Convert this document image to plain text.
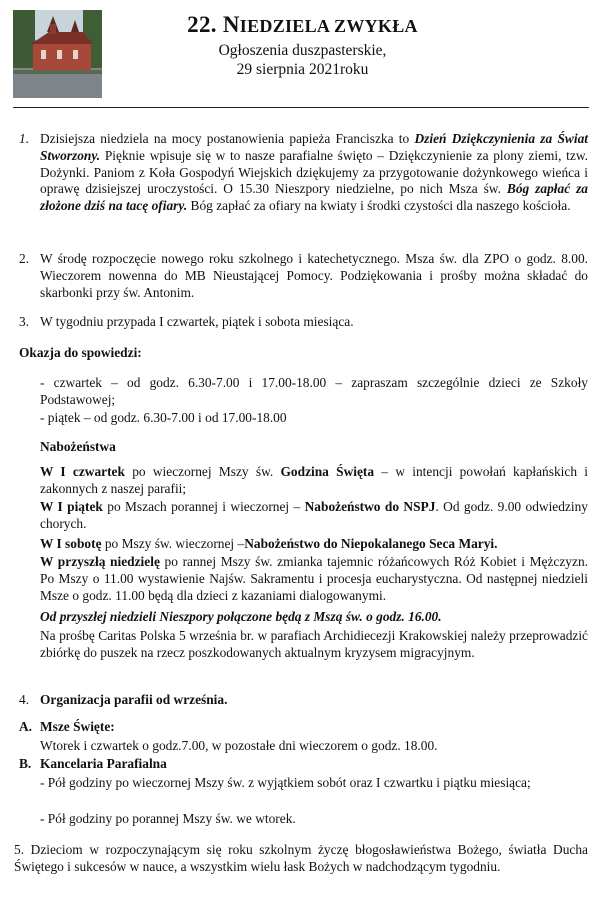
22. NIEDZIELA ZWYKŁA
Ogłoszenia duszpasterskie,
29 sierpnia 2021roku
1. Dzisiejsza niedziela na mocy postanowienia papieża Franciszka to Dzień Dziękczynienia za Świat Stworzony. Pięknie wpisuje się w to nasze parafialne święto – Dziękczynienie za plony ziemi, tzw. Dożynki. Paniom z Koła Gospodyń Wiejskich dziękujemy za przygotowanie dożynkowego wieńca i oprawę dzisiejszej uroczystości. O 15.30 Nieszpory niedzielne, po nich Msza św. Bóg zapłać za złożone dziś na tacę ofiary. Bóg zapłać za ofiary na kwiaty i środki czystości dla naszego kościoła.
2. W środę rozpoczęcie nowego roku szkolnego i katechetycznego. Msza św. dla ZPO o godz. 8.00. Wieczorem nowenna do MB Nieustającej Pomocy. Podziękowania i prośby można składać do skarbonki przy św. Antonim.
3. W tygodniu przypada I czwartek, piątek i sobota miesiąca.
Okazja do spowiedzi:
- czwartek – od godz. 6.30-7.00 i 17.00-18.00 – zapraszam szczególnie dzieci ze Szkoły Podstawowej;
- piątek – od godz. 6.30-7.00 i od 17.00-18.00
Nabożeństwa
W I czwartek po wieczornej Mszy św. Godzina Święta – w intencji powołań kapłańskich i zakonnych z naszej parafii;
W I piątek po Mszach porannej i wieczornej – Nabożeństwo do NSPJ. Od godz. 9.00 odwiedziny chorych.
W I sobotę po Mszy św. wieczornej –Nabożeństwo do Niepokalanego Seca Maryi.
W przyszłą niedzielę po rannej Mszy św. zmianka tajemnic różańcowych Róż Kobiet i Mężczyzn. Po Mszy o 11.00 wystawienie Najśw. Sakramentu i procesja eucharystyczna. Od następnej niedzieli Msze o godz. 11.00 będą dla dzieci z kazaniami dialogowanymi.
Od przyszłej niedzieli Nieszpory połączone będą z Mszą św. o godz. 16.00.
Na prośbę Caritas Polska 5 września br. w parafiach Archidiecezji Krakowskiej należy przeprowadzić zbiórkę do puszek na rzecz poszkodowanych aktualnym kryzysem migracyjnym.
4. Organizacja parafii od września.
A. Msze Święte:
Wtorek i czwartek o godz.7.00, w pozostałe dni wieczorem o godz. 18.00.
B. Kancelaria Parafialna
- Pół godziny po wieczornej Mszy św. z wyjątkiem sobót oraz I czwartku i piątku miesiąca;
- Pół godziny po porannej Mszy św. we wtorek.
5. Dzieciom w rozpoczynającym się roku szkolnym życzę błogosławieństwa Bożego, światła Ducha Świętego i sukcesów w nauce, a wszystkim wielu łask Bożych w nadchodzącym tygodniu.
